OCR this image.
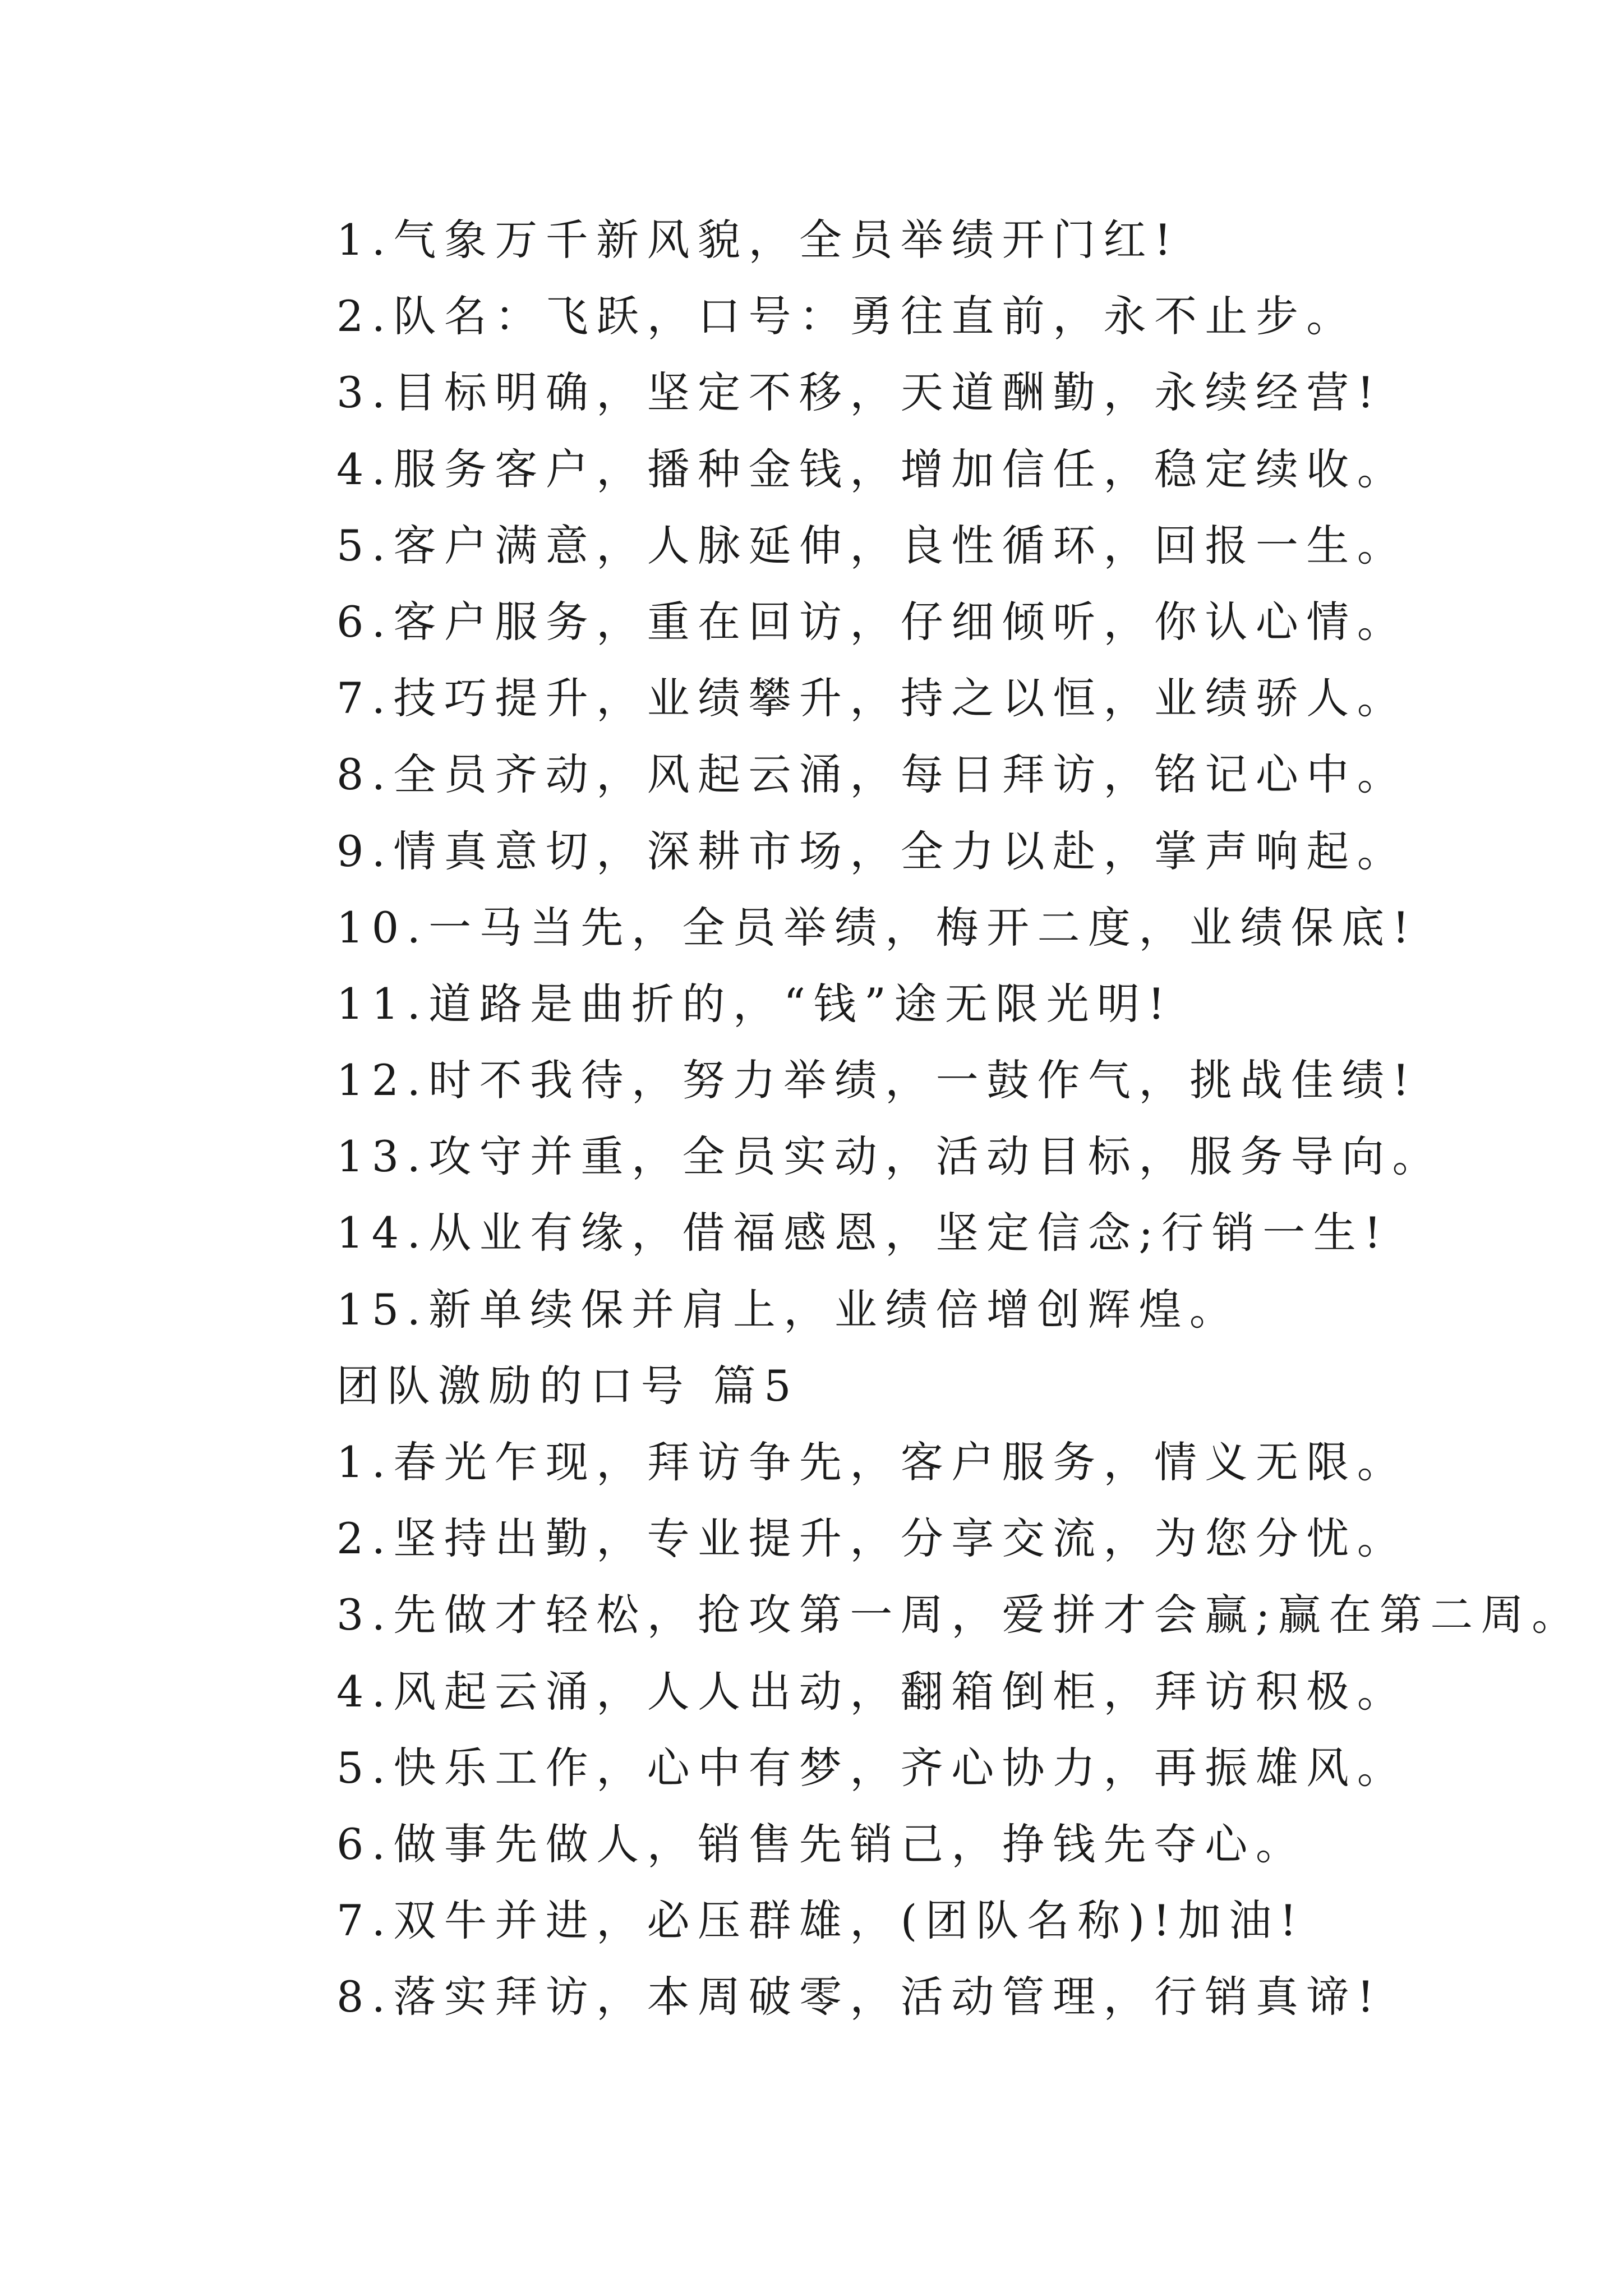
1.气象万千新风貌，全员举绩开门红!
2.队名：飞跃，口号：勇往直前，永不止步。
3.目标明确，坚定不移，天道酬勤，永续经营!
4.服务客户，播种金钱，增加信任，稳定续收。
5.客户满意，人脉延伸，良性循环，回报一生。
6.客户服务，重在回访，仔细倾听，你认心情。
7.技巧提升，业绩攀升，持之以恒，业绩骄人。
8.全员齐动，风起云涌，每日拜访，铭记心中。
9.情真意切，深耕市场，全力以赴，掌声响起。
10.一马当先，全员举绩，梅开二度，业绩保底!
11.道路是曲折的，“钱”途无限光明!
12.时不我待，努力举绩，一鼓作气，挑战佳绩!
13.攻守并重，全员实动，活动目标，服务导向。
14.从业有缘，借福感恩，坚定信念;行销一生!
15.新单续保并肩上，业绩倍增创辉煌。
团队激励的口号 篇5
1.春光乍现，拜访争先，客户服务，情义无限。
2.坚持出勤，专业提升，分享交流，为您分忧。
3.先做才轻松，抢攻第一周，爱拼才会赢;赢在第二周。
4.风起云涌，人人出动，翻箱倒柜，拜访积极。
5.快乐工作，心中有梦，齐心协力，再振雄风。
6.做事先做人，销售先销己，挣钱先夺心。
7.双牛并进，必压群雄，(团队名称)!加油!
8.落实拜访，本周破零，活动管理，行销真谛!
